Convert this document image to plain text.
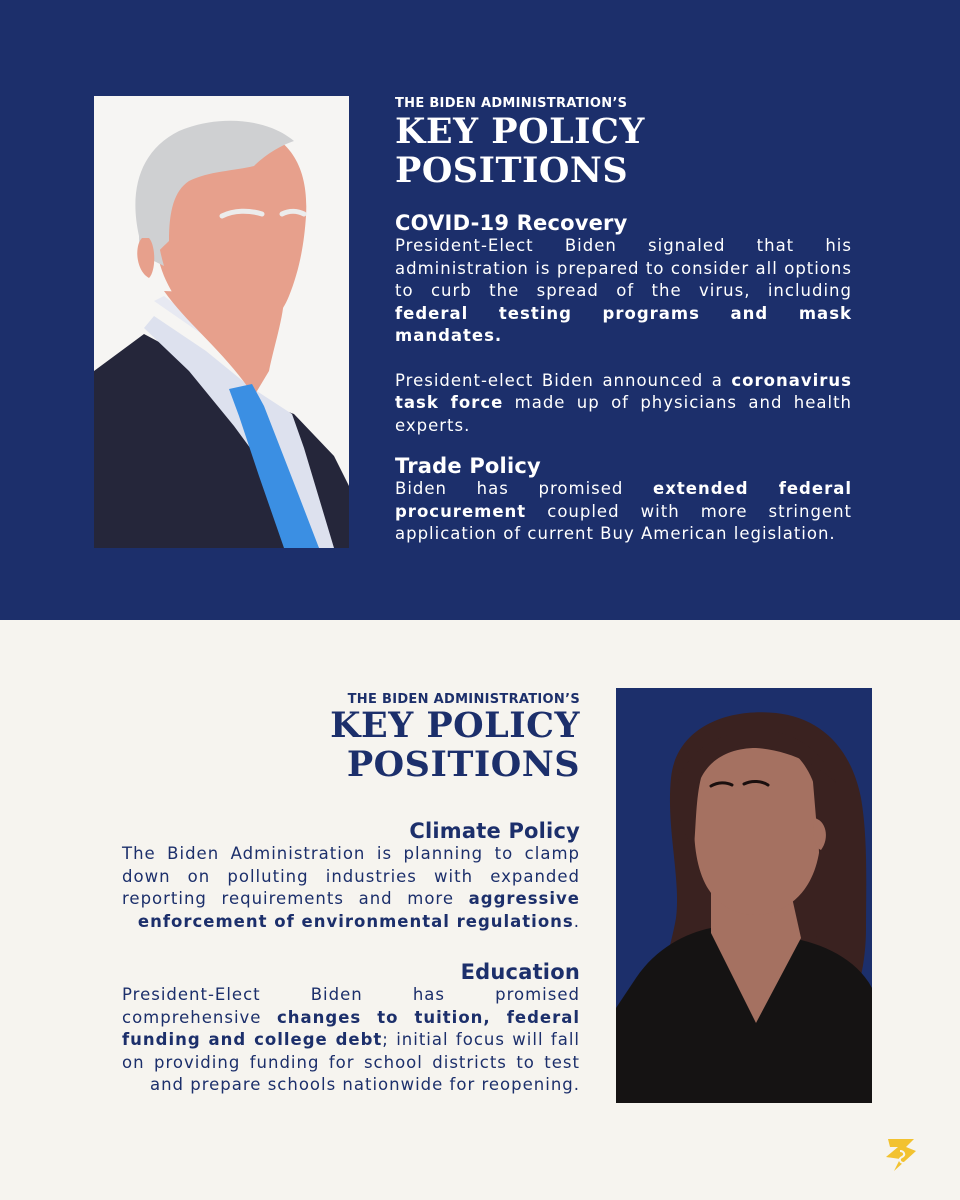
THE BIDEN ADMINISTRATION’S

KEY POLICY POSITIONS
COVID-19 Recovery

President-Elect Biden signaled that his administration is prepared to consider all options to curb the spread of the virus, including federal testing programs and mask mandates.

President-elect Biden announced a coronavirus task force made up of physicians and health experts.

Trade Policy

Biden has promised extended federal procurement coupled with more stringent application of current Buy American legislation.

THE BIDEN ADMINISTRATION’S

KEY POLICY POSITIONS
Climate Policy

The Biden Administration is planning to clamp down on polluting industries with expanded reporting requirements and more aggressive enforcement of environmental regulations.

Education

President-Elect Biden has promised comprehensive changes to tuition, federal funding and college debt; initial focus will fall on providing funding for school districts to test and prepare schools nationwide for reopening.
